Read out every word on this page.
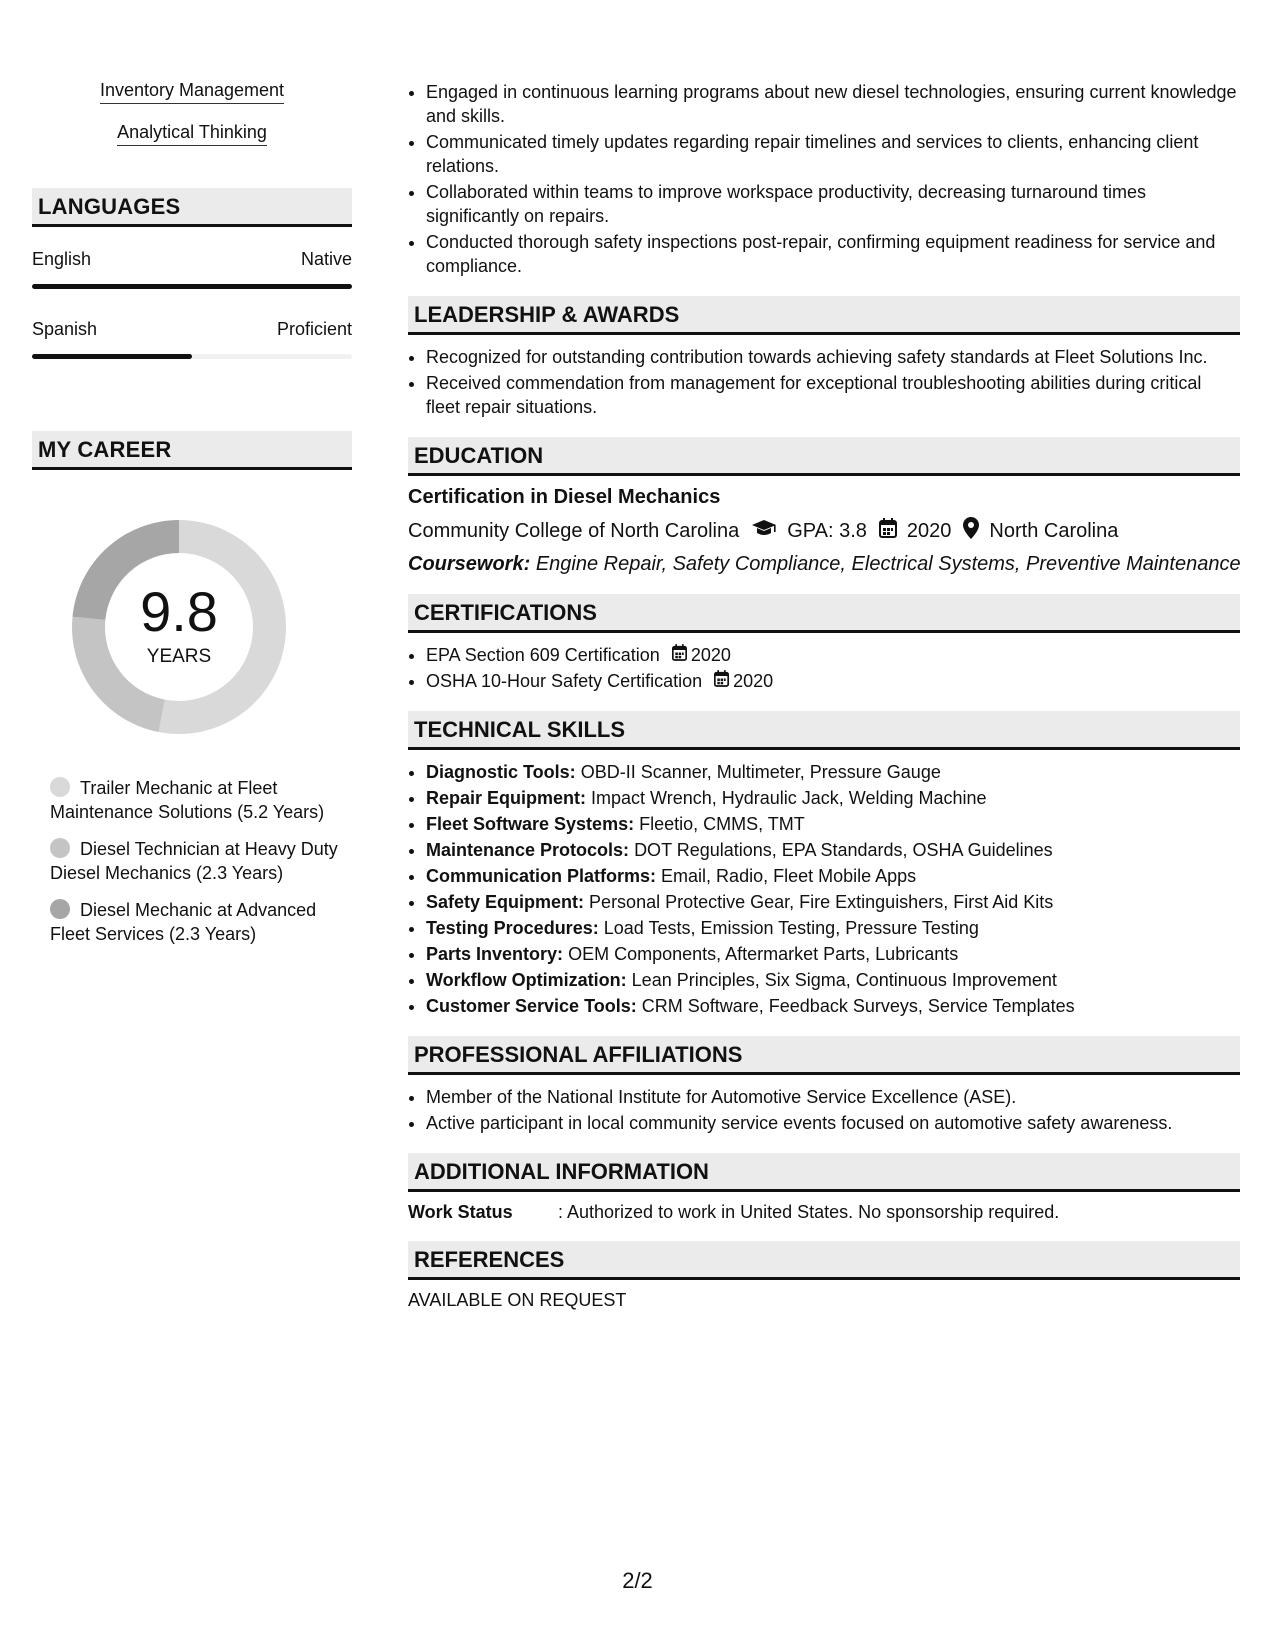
Inventory Management
Analytical Thinking
LANGUAGES
English	Native
Spanish	Proficient
MY CAREER
9.8
YEARS
Trailer Mechanic at Fleet Maintenance Solutions (5.2 Years)
Diesel Technician at Heavy Duty Diesel Mechanics (2.3 Years)
Diesel Mechanic at Advanced Fleet Services (2.3 Years)
• Engaged in continuous learning programs about new diesel technologies, ensuring current knowledge and skills.
• Communicated timely updates regarding repair timelines and services to clients, enhancing client relations.
• Collaborated within teams to improve workspace productivity, decreasing turnaround times significantly on repairs.
• Conducted thorough safety inspections post-repair, confirming equipment readiness for service and compliance.
LEADERSHIP & AWARDS
• Recognized for outstanding contribution towards achieving safety standards at Fleet Solutions Inc.
• Received commendation from management for exceptional troubleshooting abilities during critical fleet repair situations.
EDUCATION
Certification in Diesel Mechanics
Community College of North Carolina GPA: 3.8 2020 North Carolina
Coursework: Engine Repair, Safety Compliance, Electrical Systems, Preventive Maintenance
CERTIFICATIONS
• EPA Section 609 Certification 2020
• OSHA 10-Hour Safety Certification 2020
TECHNICAL SKILLS
• Diagnostic Tools: OBD-II Scanner, Multimeter, Pressure Gauge
• Repair Equipment: Impact Wrench, Hydraulic Jack, Welding Machine
• Fleet Software Systems: Fleetio, CMMS, TMT
• Maintenance Protocols: DOT Regulations, EPA Standards, OSHA Guidelines
• Communication Platforms: Email, Radio, Fleet Mobile Apps
• Safety Equipment: Personal Protective Gear, Fire Extinguishers, First Aid Kits
• Testing Procedures: Load Tests, Emission Testing, Pressure Testing
• Parts Inventory: OEM Components, Aftermarket Parts, Lubricants
• Workflow Optimization: Lean Principles, Six Sigma, Continuous Improvement
• Customer Service Tools: CRM Software, Feedback Surveys, Service Templates
PROFESSIONAL AFFILIATIONS
• Member of the National Institute for Automotive Service Excellence (ASE).
• Active participant in local community service events focused on automotive safety awareness.
ADDITIONAL INFORMATION
Work Status	: Authorized to work in United States. No sponsorship required.
REFERENCES
AVAILABLE ON REQUEST
2/2
